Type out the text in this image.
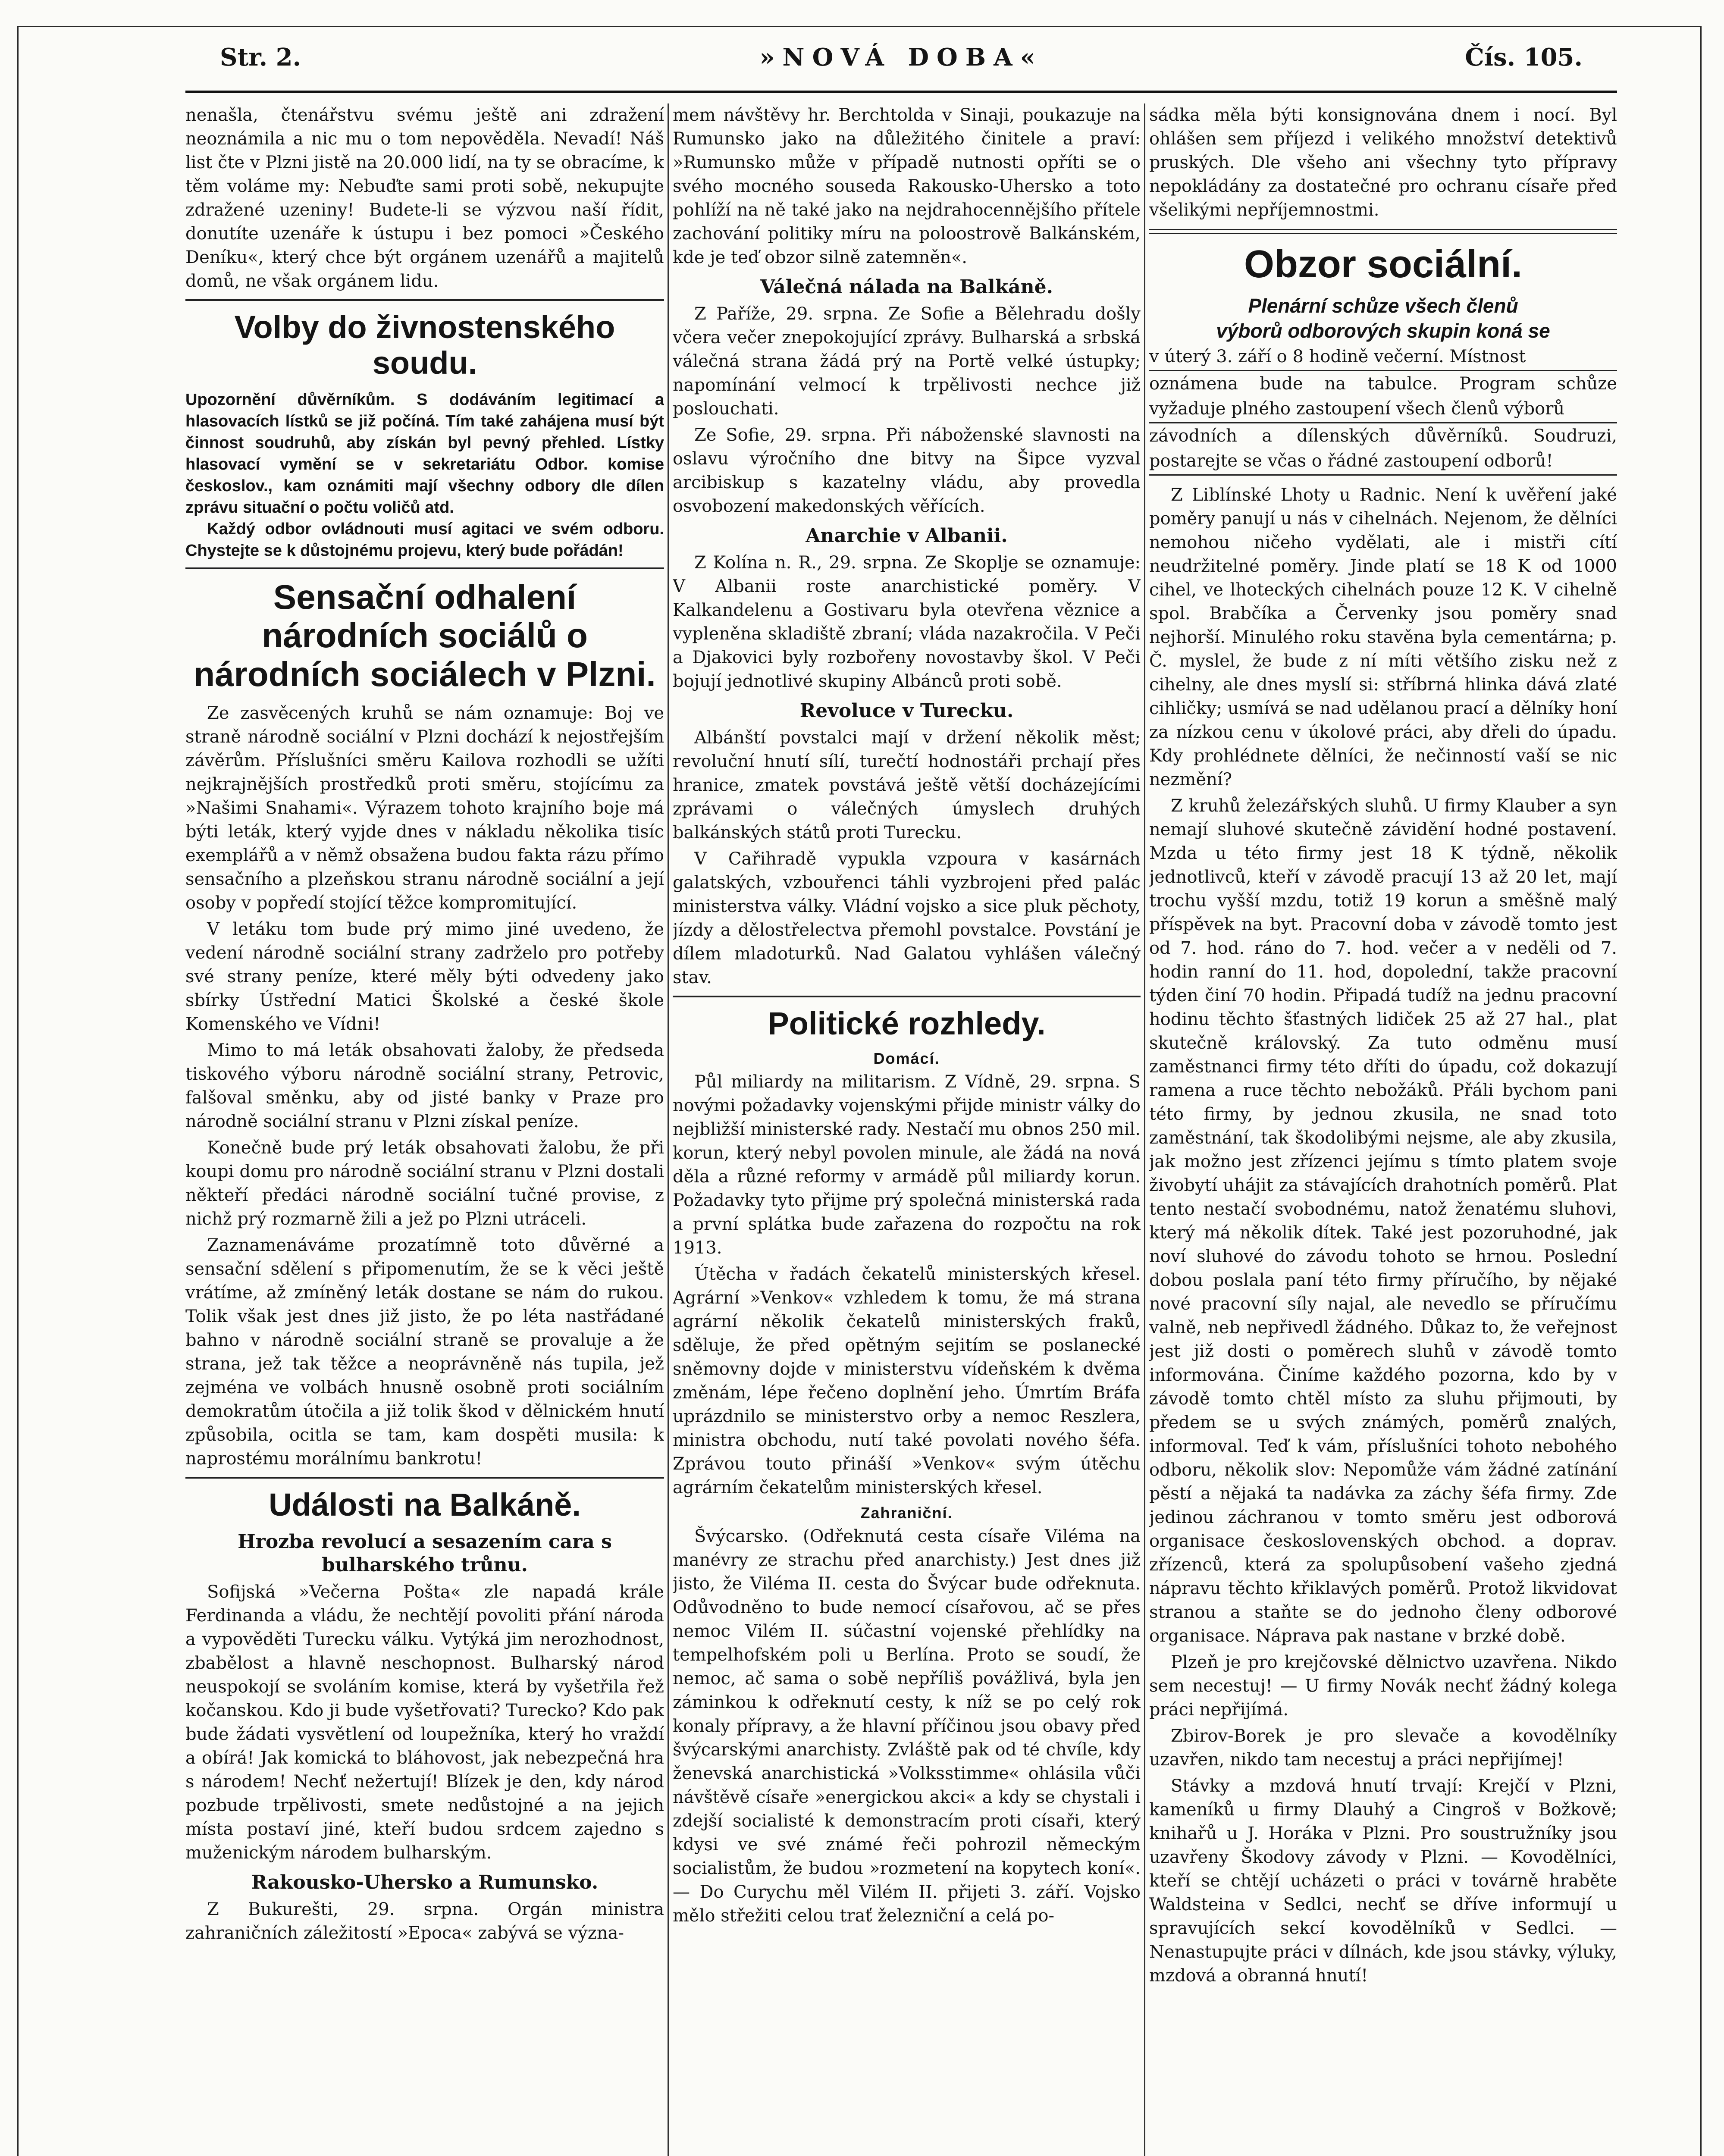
Str. 2.	»NOVÁ DOBA«	Čís. 105.

nenašla, čtenářstvu svému ještě ani zdražení neoznámila a nic mu o tom nepověděla. Nevadí! Náš list čte v Plzni jistě na 20.000 lidí, na ty se obracíme, k těm voláme my: Nebuďte sami proti sobě, nekupujte zdražené uzeniny! Budete-li se výzvou naší řídit, donutíte uzenáře k ústupu i bez pomoci »Českého Deníku«, který chce být orgánem uzenářů a majitelů domů, ne však orgánem lidu.

Volby do živnostenského soudu.
Upozornění důvěrníkům. S dodáváním legitimací a hlasovacích lístků se již počíná. Tím také zahájena musí být činnost soudruhů, aby získán byl pevný přehled. Lístky hlasovací vymění se v sekretariátu Odbor. komise českoslov., kam oznámiti mají všechny odbory dle dílen zprávu situační o počtu voličů atd.
Každý odbor ovládnouti musí agitaci ve svém odboru. Chystejte se k důstojnému projevu, který bude pořádán!
Sensační odhalení národních sociálů o národních sociálech v Plzni.

Ze zasvěcených kruhů se nám oznamuje: Boj ve straně národně sociální v Plzni dochází k nejostřejším závěrům. Příslušníci směru Kailova rozhodli se užíti nejkrajnějších prostředků proti směru, stojícímu za »Našimi Snahami«. Výrazem tohoto krajního boje má býti leták, který vyjde dnes v nákladu několika tisíc exemplářů a v němž obsažena budou fakta rázu přímo sensačního a plzeňskou stranu národně sociální a její osoby v popředí stojící těžce kompromitující.

V letáku tom bude prý mimo jiné uvedeno, že vedení národně sociální strany zadrželo pro potřeby své strany peníze, které měly býti odvedeny jako sbírky Ústřední Matici Školské a české škole Komenského ve Vídni!

Mimo to má leták obsahovati žaloby, že předseda tiskového výboru národně sociální strany, Petrovic, falšoval směnku, aby od jisté banky v Praze pro národně sociální stranu v Plzni získal peníze.

Konečně bude prý leták obsahovati žalobu, že při koupi domu pro národně sociální stranu v Plzni dostali někteří předáci národně sociální tučné provise, z nichž prý rozmarně žili a jež po Plzni utráceli.

Zaznamenáváme prozatímně toto důvěrné a sensační sdělení s připomenutím, že se k věci ještě vrátíme, až zmíněný leták dostane se nám do rukou. Tolik však jest dnes již jisto, že po léta nastřádané bahno v národně sociální straně se provaluje a že strana, jež tak těžce a neoprávněně nás tupila, jež zejména ve volbách hnusně osobně proti sociálním demokratům útočila a již tolik škod v dělnickém hnutí způsobila, ocitla se tam, kam dospěti musila: k naprostému morálnímu bankrotu!

Události na Balkáně.
Hrozba revolucí a sesazením cara s bulharského trůnu.

Sofijská »Večerna Pošta« zle napadá krále Ferdinanda a vládu, že nechtějí povoliti přání národa a vypověděti Turecku válku. Vytýká jim nerozhodnost, zbabělost a hlavně neschopnost. Bulharský národ neuspokojí se svoláním komise, která by vyšetřila řež kočanskou. Kdo ji bude vyšetřovati? Turecko? Kdo pak bude žádati vysvětlení od loupežníka, který ho vraždí a obírá! Jak komická to bláhovost, jak nebezpečná hra s národem! Nechť nežertují! Blízek je den, kdy národ pozbude trpělivosti, smete nedůstojné a na jejich místa postaví jiné, kteří budou srdcem zajedno s muženickým národem bulharským.

Rakousko-Uhersko a Rumunsko.

Z Bukurešti, 29. srpna. Orgán ministra zahraničních záležitostí »Epoca« zabývá se význa-

mem návštěvy hr. Berchtolda v Sinaji, poukazuje na Rumunsko jako na důležitého činitele a praví: »Rumunsko může v případě nutnosti opříti se o svého mocného souseda Rakousko-Uhersko a toto pohlíží na ně také jako na nejdrahocennějšího přítele zachování politiky míru na poloostrově Balkánském, kde je teď obzor silně zatemněn«.

Válečná nálada na Balkáně.

Z Paříže, 29. srpna. Ze Sofie a Bělehradu došly včera večer znepokojující zprávy. Bulharská a srbská válečná strana žádá prý na Portě velké ústupky; napomínání velmocí k trpělivosti nechce již poslouchati.

Ze Sofie, 29. srpna. Při náboženské slavnosti na oslavu výročního dne bitvy na Šipce vyzval arcibiskup s kazatelny vládu, aby provedla osvobození makedonských věřících.

Anarchie v Albanii.

Z Kolína n. R., 29. srpna. Ze Skoplje se oznamuje: V Albanii roste anarchistické poměry. V Kalkandelenu a Gostivaru byla otevřena věznice a vypleněna skladiště zbraní; vláda nazakročila. V Peči a Djakovici byly rozbořeny novostavby škol. V Peči bojují jednotlivé skupiny Albánců proti sobě.

Revoluce v Turecku.

Albánští povstalci mají v držení několik měst; revoluční hnutí sílí, turečtí hodnostáři prchají přes hranice, zmatek povstává ještě větší docházejícími zprávami o válečných úmyslech druhých balkánských států proti Turecku.

V Cařihradě vypukla vzpoura v kasárnách galatských, vzbouřenci táhli vyzbrojeni před palác ministerstva války. Vládní vojsko a sice pluk pěchoty, jízdy a dělostřelectva přemohl povstalce. Povstání je dílem mladoturků. Nad Galatou vyhlášen válečný stav.

Politické rozhledy.
Domácí.

Půl miliardy na militarism. Z Vídně, 29. srpna. S novými požadavky vojenskými přijde ministr války do nejbližší ministerské rady. Nestačí mu obnos 250 mil. korun, který nebyl povolen minule, ale žádá na nová děla a různé reformy v armádě půl miliardy korun. Požadavky tyto přijme prý společná ministerská rada a první splátka bude zařazena do rozpočtu na rok 1913.

Útěcha v řadách čekatelů ministerských křesel. Agrární »Venkov« vzhledem k tomu, že má strana agrární několik čekatelů ministerských fraků, sděluje, že před opětným sejitím se poslanecké sněmovny dojde v ministerstvu vídeňském k dvěma změnám, lépe řečeno doplnění jeho. Úmrtím Bráfa uprázdnilo se ministerstvo orby a nemoc Reszlera, ministra obchodu, nutí také povolati nového šéfa. Zprávou touto přináší »Venkov« svým útěchu agrárním čekatelům ministerských křesel.

Zahraniční.

Švýcarsko. (Odřeknutá cesta císaře Viléma na manévry ze strachu před anarchisty.) Jest dnes již jisto, že Viléma II. cesta do Švýcar bude odřeknuta. Odůvodněno to bude nemocí císařovou, ač se přes nemoc Vilém II. súčastní vojenské přehlídky na tempelhofském poli u Berlína. Proto se soudí, že nemoc, ač sama o sobě nepříliš povážlivá, byla jen záminkou k odřeknutí cesty, k níž se po celý rok konaly přípravy, a že hlavní příčinou jsou obavy před švýcarskými anarchisty. Zvláště pak od té chvíle, kdy ženevská anarchistická »Volksstimme« ohlásila vůči návštěvě císaře »energickou akci« a kdy se chystali i zdejší socialisté k demonstracím proti císaři, který kdysi ve své známé řeči pohrozil německým socialistům, že budou »rozmetení na kopytech koní«. — Do Curychu měl Vilém II. přijeti 3. září. Vojsko mělo střežiti celou trať železniční a celá po-

sádka měla býti konsignována dnem i nocí. Byl ohlášen sem příjezd i velikého množství detektivů pruských. Dle všeho ani všechny tyto přípravy nepokládány za dostatečné pro ochranu císaře před všelikými nepříjemnostmi.

Obzor sociální.
Plenární schůze všech členů
výborů odborových skupin koná se
v úterý 3. září o 8 hodině večerní. Místnost
oznámena bude na tabulce. Program schůze vyžaduje plného zastoupení všech členů výborů
závodních a dílenských důvěrníků. Soudruzi, postarejte se včas o řádné zastoupení odborů!

Z Liblínské Lhoty u Radnic. Není k uvěření jaké poměry panují u nás v cihelnách. Nejenom, že dělníci nemohou ničeho vydělati, ale i mistři cítí neudržitelné poměry. Jinde platí se 18 K od 1000 cihel, ve lhoteckých cihelnách pouze 12 K. V cihelně spol. Brabčíka a Červenky jsou poměry snad nejhorší. Minulého roku stavěna byla cementárna; p. Č. myslel, že bude z ní míti většího zisku než z cihelny, ale dnes myslí si: stříbrná hlinka dává zlaté cihličky; usmívá se nad udělanou prací a dělníky honí za nízkou cenu v úkolové práci, aby dřeli do úpadu. Kdy prohlédnete dělníci, že nečinností vaší se nic nezmění?

Z kruhů železářských sluhů. U firmy Klauber a syn nemají sluhové skutečně závidění hodné postavení. Mzda u této firmy jest 18 K týdně, několik jednotlivců, kteří v závodě pracují 13 až 20 let, mají trochu vyšší mzdu, totiž 19 korun a směšně malý příspěvek na byt. Pracovní doba v závodě tomto jest od 7. hod. ráno do 7. hod. večer a v neděli od 7. hodin ranní do 11. hod, dopolední, takže pracovní týden činí 70 hodin. Připadá tudíž na jednu pracovní hodinu těchto šťastných lidiček 25 až 27 hal., plat skutečně královský. Za tuto odměnu musí zaměstnanci firmy této dříti do úpadu, což dokazují ramena a ruce těchto nebožáků. Přáli bychom pani této firmy, by jednou zkusila, ne snad toto zaměstnání, tak škodolibými nejsme, ale aby zkusila, jak možno jest zřízenci jejímu s tímto platem svoje živobytí uhájit za stávajících drahotních poměrů. Plat tento nestačí svobodnému, natož ženatému sluhovi, který má několik dítek. Také jest pozoruhodné, jak noví sluhové do závodu tohoto se hrnou. Poslední dobou poslala paní této firmy příručího, by nějaké nové pracovní síly najal, ale nevedlo se příručímu valně, neb nepřivedl žádného. Důkaz to, že veřejnost jest již dosti o poměrech sluhů v závodě tomto informována. Činíme každého pozorna, kdo by v závodě tomto chtěl místo za sluhu přijmouti, by předem se u svých známých, poměrů znalých, informoval. Teď k vám, příslušníci tohoto nebohého odboru, několik slov: Nepomůže vám žádné zatínání pěstí a nějaká ta nadávka za záchy šéfa firmy. Zde jedinou záchranou v tomto směru jest odborová organisace československých obchod. a doprav. zřízenců, která za spolupůsobení vašeho zjedná nápravu těchto křiklavých poměrů. Protož likvidovat stranou a staňte se do jednoho členy odborové organisace. Náprava pak nastane v brzké době.

Plzeň je pro krejčovské dělnictvo uzavřena. Nikdo sem necestuj! — U firmy Novák nechť žádný kolega práci nepřijímá.

Zbirov-Borek je pro slevače a kovodělníky uzavřen, nikdo tam necestuj a práci nepřijímej!

Stávky a mzdová hnutí trvají: Krejčí v Plzni, kameníků u firmy Dlauhý a Cingroš v Božkově; knihařů u J. Horáka v Plzni. Pro soustružníky jsou uzavřeny Škodovy závody v Plzni. — Kovodělníci, kteří se chtějí ucházeti o práci v továrně hraběte Waldsteina v Sedlci, nechť se dříve informují u spravujících sekcí kovodělníků v Sedlci. — Nenastupujte práci v dílnách, kde jsou stávky, výluky, mzdová a obranná hnutí!
